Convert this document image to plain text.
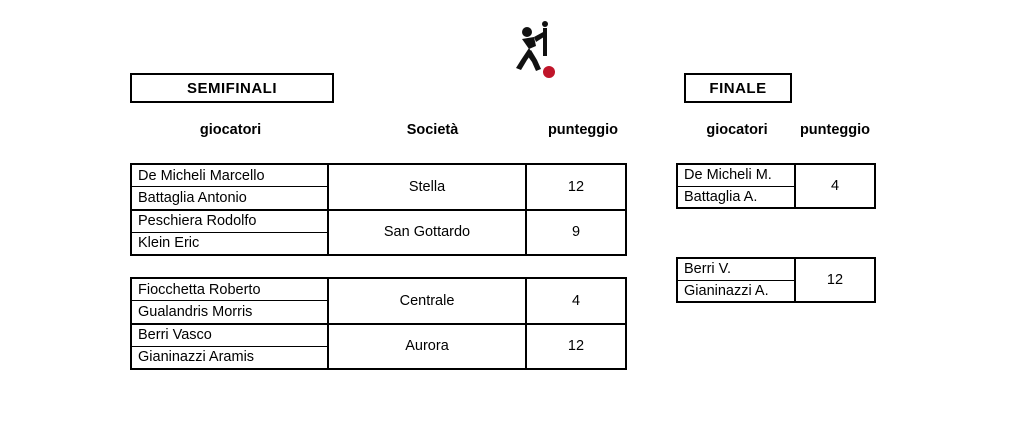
SEMIFINALI	FINALE
giocatori	Società	punteggio	giocatori	punteggio
De Micheli Marcello
Battaglia Antonio
Stella	12
Peschiera Rodolfo
Klein Eric
San Gottardo	9
Fiocchetta Roberto
Gualandris Morris
Centrale	4
Berri Vasco
Gianinazzi Aramis
Aurora	12
De Micheli M.
Battaglia A.
4
Berri V.
Gianinazzi A.
12
